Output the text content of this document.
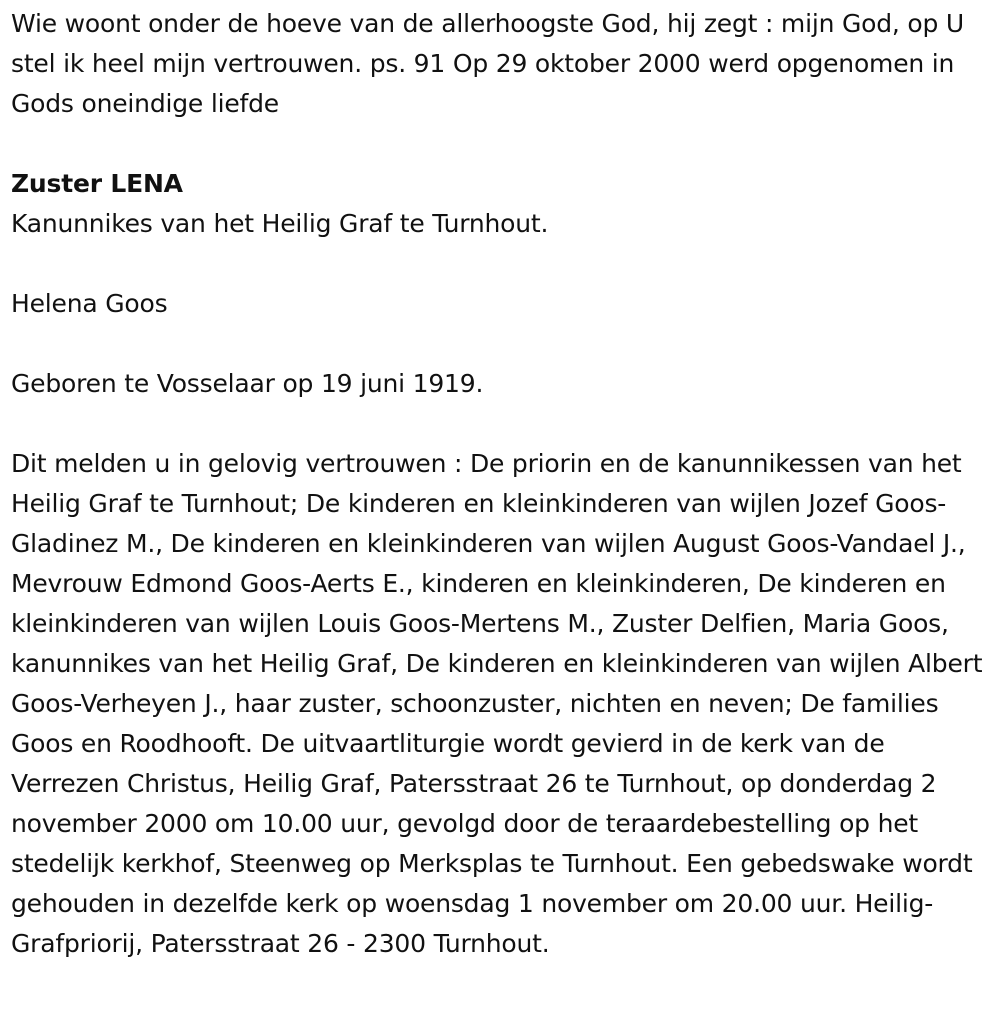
Wie woont onder de hoeve van de allerhoogste God, hij zegt : mijn God, op U stel ik heel mijn vertrouwen. ps. 91 Op 29 oktober 2000 werd opgenomen in Gods oneindige liefde

Zuster LENA

Kanunnikes van het Heilig Graf te Turnhout.

Helena Goos

Geboren te Vosselaar op 19 juni 1919.

Dit melden u in gelovig vertrouwen : De priorin en de kanunnikessen van het Heilig Graf te Turnhout; De kinderen en kleinkinderen van wijlen Jozef Goos-Gladinez M., De kinderen en kleinkinderen van wijlen August Goos-Vandael J., Mevrouw Edmond Goos-Aerts E., kinderen en kleinkinderen, De kinderen en kleinkinderen van wijlen Louis Goos-Mertens M., Zuster Delfien, Maria Goos, kanunnikes van het Heilig Graf, De kinderen en kleinkinderen van wijlen Albert Goos-Verheyen J., haar zuster, schoonzuster, nichten en neven; De families Goos en Roodhooft. De uitvaartliturgie wordt gevierd in de kerk van de Verrezen Christus, Heilig Graf, Patersstraat 26 te Turnhout, op donderdag 2 november 2000 om 10.00 uur, gevolgd door de teraardebestelling op het stedelijk kerkhof, Steenweg op Merksplas te Turnhout. Een gebedswake wordt gehouden in dezelfde kerk op woensdag 1 november om 20.00 uur. Heilig-Grafpriorij, Patersstraat 26 - 2300 Turnhout.
